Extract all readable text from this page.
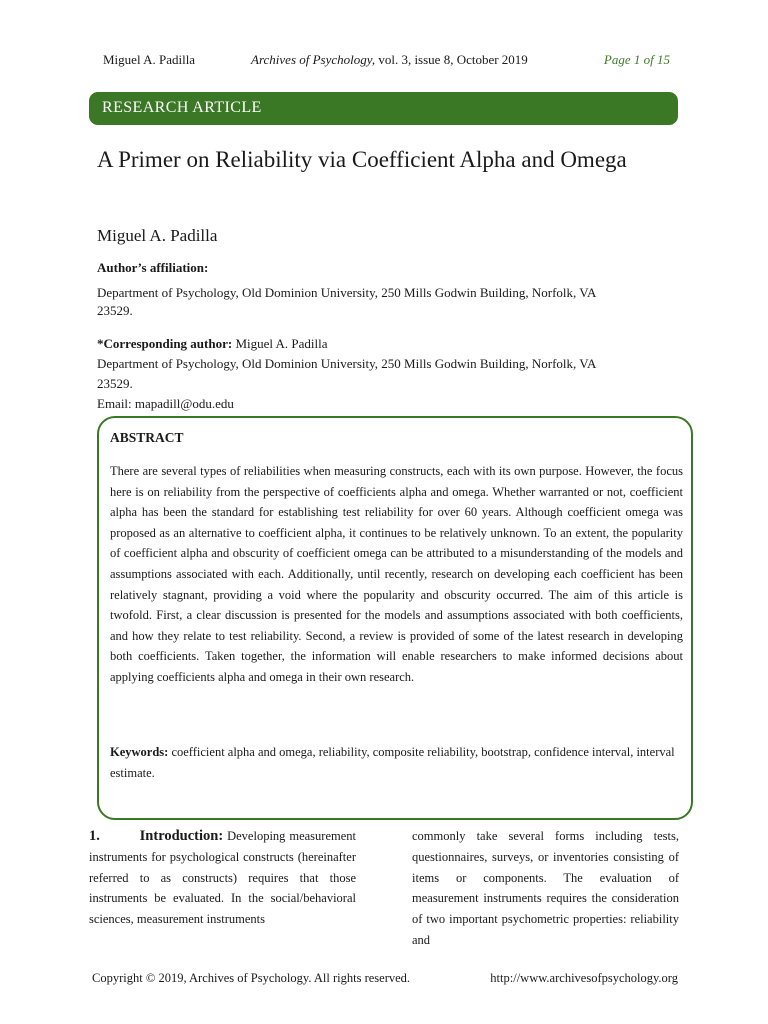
Miguel A. Padilla	Archives of Psychology, vol. 3, issue 8, October 2019	Page 1 of 15
RESEARCH ARTICLE
A Primer on Reliability via Coefficient Alpha and Omega
Miguel A. Padilla
Author’s affiliation:
Department of Psychology, Old Dominion University, 250 Mills Godwin Building, Norfolk, VA 23529.
*Corresponding author: Miguel A. Padilla
Department of Psychology, Old Dominion University, 250 Mills Godwin Building, Norfolk, VA 23529.
Email: mapadill@odu.edu
ABSTRACT
There are several types of reliabilities when measuring constructs, each with its own purpose. However, the focus here is on reliability from the perspective of coefficients alpha and omega. Whether warranted or not, coefficient alpha has been the standard for establishing test reliability for over 60 years. Although coefficient omega was proposed as an alternative to coefficient alpha, it continues to be relatively unknown. To an extent, the popularity of coefficient alpha and obscurity of coefficient omega can be attributed to a misunderstanding of the models and assumptions associated with each. Additionally, until recently, research on developing each coefficient has been relatively stagnant, providing a void where the popularity and obscurity occurred. The aim of this article is twofold. First, a clear discussion is presented for the models and assumptions associated with both coefficients, and how they relate to test reliability. Second, a review is provided of some of the latest research in developing both coefficients. Taken together, the information will enable researchers to make informed decisions about applying coefficients alpha and omega in their own research.
Keywords: coefficient alpha and omega, reliability, composite reliability, bootstrap, confidence interval, interval estimate.
1.         Introduction: Developing measurement instruments for psychological constructs (hereinafter referred to as constructs) requires that those instruments be evaluated. In the social/behavioral sciences, measurement instruments
commonly take several forms including tests, questionnaires, surveys, or inventories consisting of items or components. The evaluation of measurement instruments requires the consideration of two important psychometric properties: reliability and
Copyright © 2019, Archives of Psychology. All rights reserved.	http://www.archivesofpsychology.org
